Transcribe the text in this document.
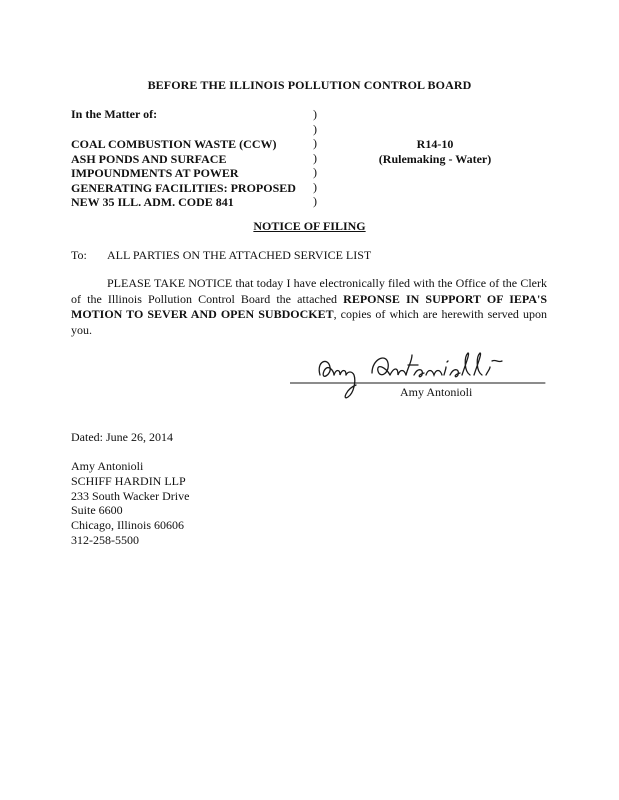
BEFORE THE ILLINOIS POLLUTION CONTROL BOARD
In the Matter of:
COAL COMBUSTION WASTE (CCW)
ASH PONDS AND SURFACE
IMPOUNDMENTS AT POWER
GENERATING FACILITIES: PROPOSED
NEW 35 ILL. ADM. CODE 841
)
)
)
)
)
)
)
R14-10
(Rulemaking - Water)
NOTICE OF FILING
To: ALL PARTIES ON THE ATTACHED SERVICE LIST
PLEASE TAKE NOTICE that today I have electronically filed with the Office of the Clerk of the Illinois Pollution Control Board the attached REPONSE IN SUPPORT OF IEPA'S MOTION TO SEVER AND OPEN SUBDOCKET, copies of which are herewith served upon you.
Amy Antonioli
Dated: June 26, 2014
Amy Antonioli
SCHIFF HARDIN LLP
233 South Wacker Drive
Suite 6600
Chicago, Illinois 60606
312-258-5500
